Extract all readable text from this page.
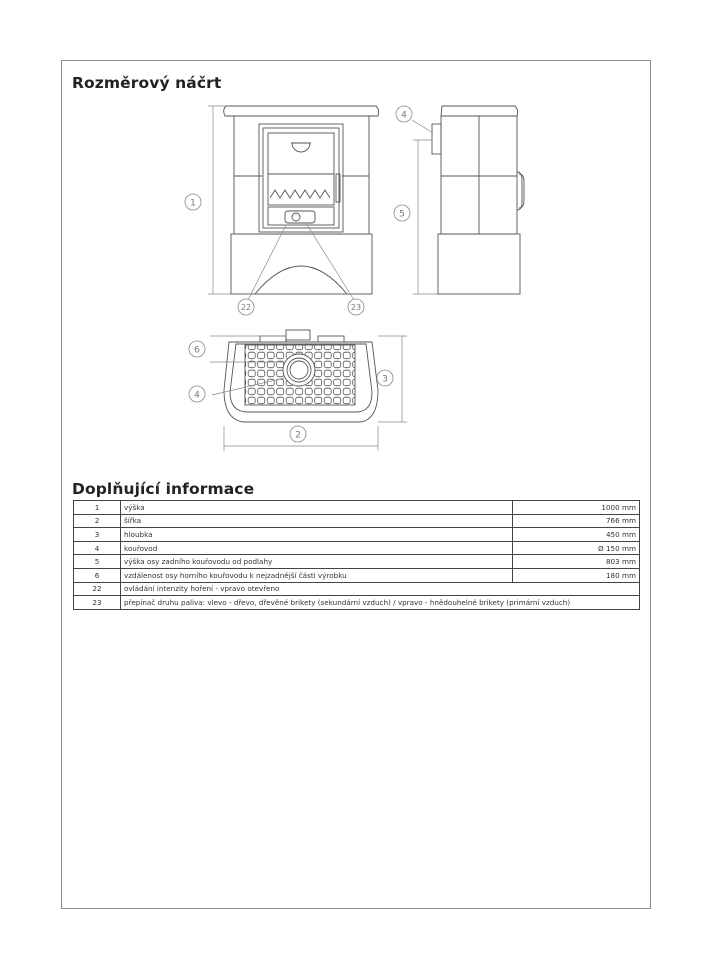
Rozměrový náčrt
1
5
4
22	23
6
4
3
2
Doplňující informace
1	výška	1000 mm
2	šířka	766 mm
3	hloubka	450 mm
4	kouřovod	Ø 150 mm
5	výška osy zadního kouřovodu od podlahy	803 mm
6	vzdálenost osy horního kouřovodu k nejzadnější části výrobku	180 mm
22	ovládání intenzity hoření - vpravo otevřeno	
23	přepínač druhu paliva: vlevo - dřevo, dřevěné brikety (sekundární vzduch) / vpravo - hnědouhelné brikety (primární vzduch)	
